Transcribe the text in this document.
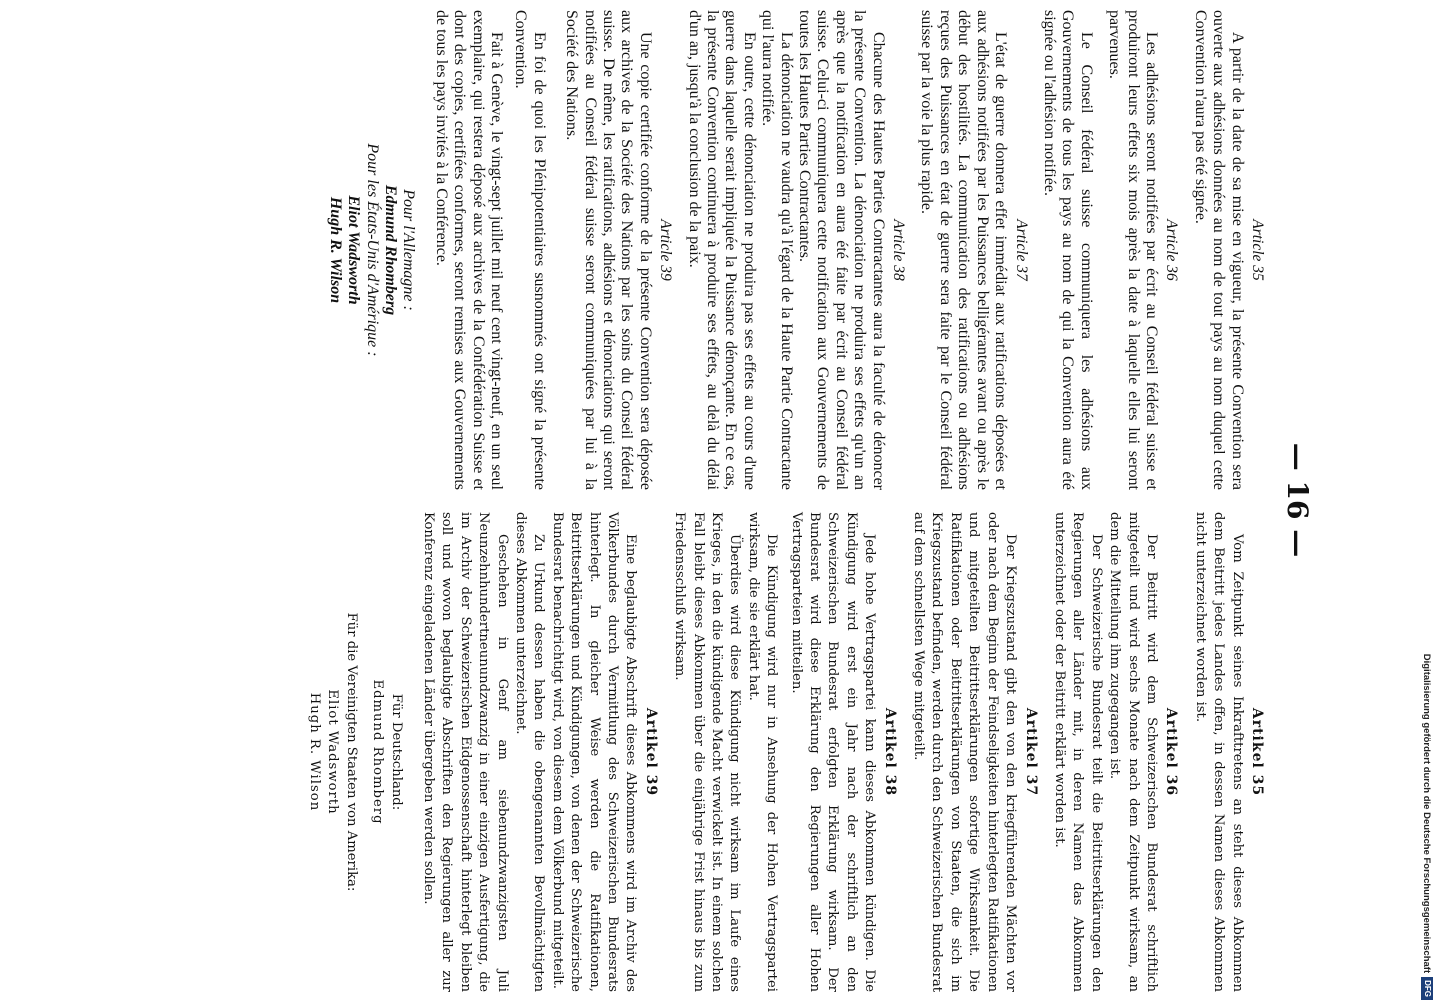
— 16 —
Article 35
A partir de la date de sa mise en vigueur, la présente Convention sera ouverte aux adhésions données au nom de tout pays au nom duquel cette Convention n'aura pas été signée.
Article 36
Les adhésions seront notifiées par écrit au Conseil fédéral suisse et produiront leurs effets six mois après la date à laquelle elles lui seront parvenues.
Le Conseil fédéral suisse communiquera les adhésions aux Gouvernements de tous les pays au nom de qui la Convention aura été signée ou l'adhésion notifiée.
Article 37
L'état de guerre donnera effet immédiat aux ratifications déposées et aux adhésions notifiées par les Puissances belligérantes avant ou après le début des hostilités. La communication des ratifications ou adhésions reçues des Puissances en état de guerre sera faite par le Conseil fédéral suisse par la voie la plus rapide.
Article 38
Chacune des Hautes Parties Contractantes aura la faculté de dénoncer la présente Convention. La dénonciation ne produira ses effets qu'un an après que la notification en aura été faite par écrit au Conseil fédéral suisse. Celui-ci communiquera cette notification aux Gouvernements de toutes les Hautes Parties Contractantes.
La dénonciation ne vaudra qu'à l'égard de la Haute Partie Contractante qui l'aura notifiée.
En outre, cette dénonciation ne produira pas ses effets au cours d'une guerre dans laquelle serait impliquée la Puissance dénonçante. En ce cas, la présente Convention continuera à produire ses effets, au delà du délai d'un an, jusqu'à la conclusion de la paix.
Article 39
Une copie certifiée conforme de la présente Convention sera déposée aux archives de la Société des Nations par les soins du Conseil fédéral suisse. De même, les ratifications, adhésions et dénonciations qui seront notifiées au Conseil fédéral suisse seront communiquées par lui à la Société des Nations.
En foi de quoi les Plénipotentiaires susnommés ont signé la présente Convention.
Fait à Genève, le vingt-sept juillet mil neuf cent vingt-neuf, en un seul exemplaire, qui restera déposé aux archives de la Confédération Suisse et dont des copies, certifiées conformes, seront remises aux Gouvernements de tous les pays invités à la Conférence.
Pour l'Allemagne :
Edmund Rhomberg
Pour les États-Unis d'Amérique :
Eliot Wadsworth
Hugh R. Wilson
Artikel 35
Vom Zeitpunkt seines Inkrafttretens an steht dieses Abkommen dem Beitritt jedes Landes offen, in dessen Namen dieses Abkommen nicht unterzeichnet worden ist.
Artikel 36
Der Beitritt wird dem Schweizerischen Bundesrat schriftlich mitgeteilt und wird sechs Monate nach dem Zeitpunkt wirksam, an dem die Mitteilung ihm zugegangen ist.
Der Schweizerische Bundesrat teilt die Beitrittserklärungen den Regierungen aller Länder mit, in deren Namen das Abkommen unterzeichnet oder der Beitritt erklärt worden ist.
Artikel 37
Der Kriegszustand gibt den von den kriegführenden Mächten vor oder nach dem Beginn der Feindseligkeiten hinterlegten Ratifikationen und mitgeteilten Beitrittserklärungen sofortige Wirksamkeit. Die Ratifikationen oder Beitrittserklärungen von Staaten, die sich im Kriegszustand befinden, werden durch den Schweizerischen Bundesrat auf dem schnellsten Wege mitgeteilt.
Artikel 38
Jede hohe Vertragspartei kann dieses Abkommen kündigen. Die Kündigung wird erst ein Jahr nach der schriftlich an den Schweizerischen Bundesrat erfolgten Erklärung wirksam. Der Bundesrat wird diese Erklärung den Regierungen aller Hohen Vertragsparteien mitteilen.
Die Kündigung wird nur in Ansehung der Hohen Vertragspartei wirksam, die sie erklärt hat.
Überdies wird diese Kündigung nicht wirksam im Laufe eines Krieges, in den die kündigende Macht verwickelt ist. In einem solchen Fall bleibt dieses Abkommen über die einjährige Frist hinaus bis zum Friedensschluß wirksam.
Artikel 39
Eine beglaubigte Abschrift dieses Abkommens wird im Archiv des Völkerbundes durch Vermittlung des Schweizerischen Bundesrats hinterlegt. In gleicher Weise werden die Ratifikationen, Beitrittserklärungen und Kündigungen, von denen der Schweizerische Bundesrat benachrichtigt wird, von diesem dem Völkerbund mitgeteilt.
Zu Urkund dessen haben die obengenannten Bevollmächtigten dieses Abkommen unterzeichnet.
Geschehen in Genf am siebenundzwanzigsten Juli Neunzehnhundertneunundzwanzig in einer einzigen Ausfertigung, die im Archiv der Schweizerischen Eidgenossenschaft hinterlegt bleiben soll und wovon beglaubigte Abschriften den Regierungen aller zur Konferenz eingeladenen Länder übergeben werden sollen.
Für Deutschland:
Edmund Rhomberg
Für die Vereinigten Staaten von Amerika:
Eliot Wadsworth
Hugh R. Wilson	Digitalisierung gefördert durch die Deutsche ForschungsgemeinschaftDFG
